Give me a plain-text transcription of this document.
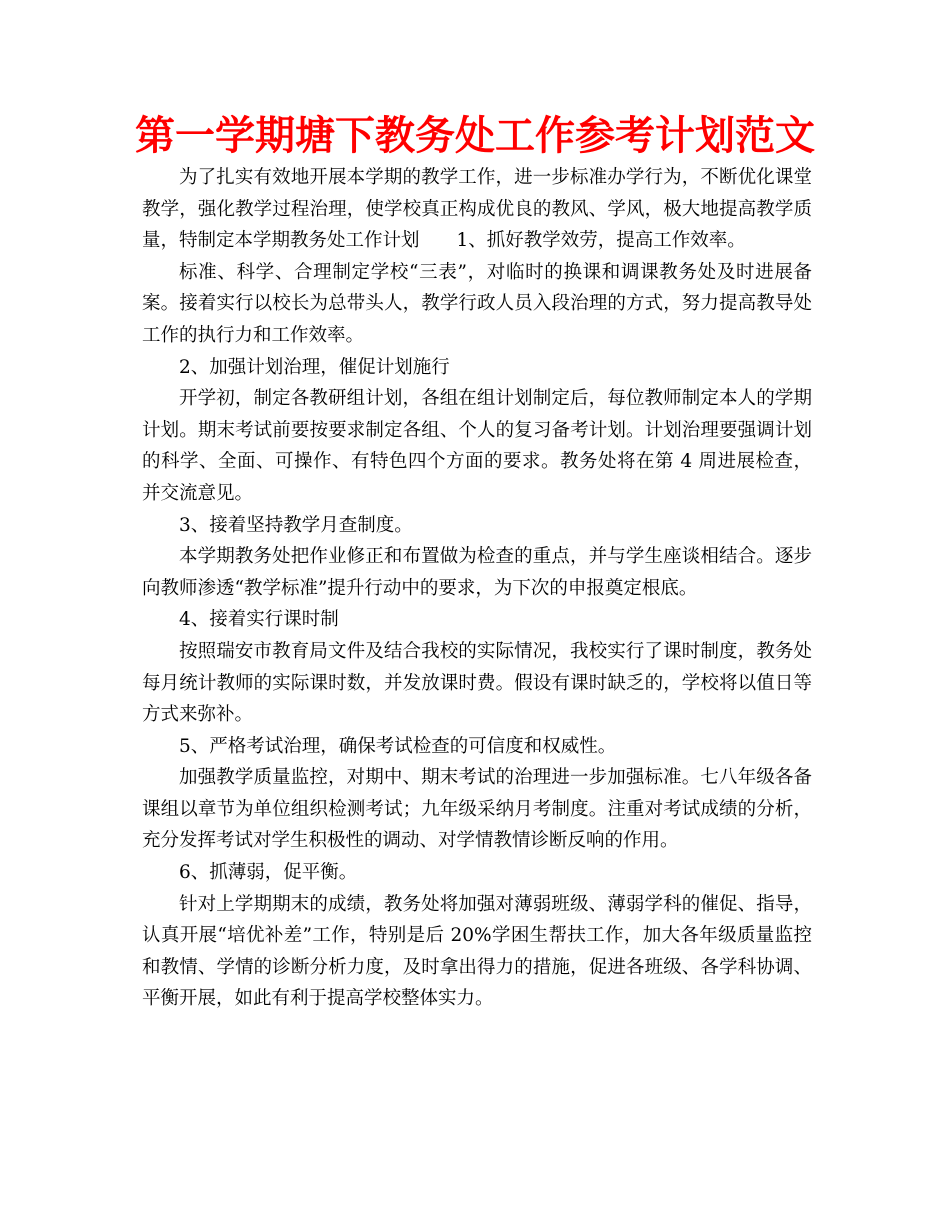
第一学期塘下教务处工作参考计划范文

为了扎实有效地开展本学期的教学工作，进一步标准办学行为，不断优化课堂教学，强化教学过程治理，使学校真正构成优良的教风、学风，极大地提高教学质量，特制定本学期教务处工作计划　　1、抓好教学效劳，提高工作效率。

标准、科学、合理制定学校“三表”，对临时的换课和调课教务处及时进展备案。接着实行以校长为总带头人，教学行政人员入段治理的方式，努力提高教导处工作的执行力和工作效率。

2、加强计划治理，催促计划施行

开学初，制定各教研组计划，各组在组计划制定后，每位教师制定本人的学期计划。期末考试前要按要求制定各组、个人的复习备考计划。计划治理要强调计划的科学、全面、可操作、有特色四个方面的要求。教务处将在第 4 周进展检查，并交流意见。

3、接着坚持教学月查制度。

本学期教务处把作业修正和布置做为检查的重点，并与学生座谈相结合。逐步向教师渗透“教学标准”提升行动中的要求，为下次的申报奠定根底。

4、接着实行课时制

按照瑞安市教育局文件及结合我校的实际情况，我校实行了课时制度，教务处每月统计教师的实际课时数，并发放课时费。假设有课时缺乏的，学校将以值日等方式来弥补。

5、严格考试治理，确保考试检查的可信度和权威性。

加强教学质量监控，对期中、期末考试的治理进一步加强标准。七八年级各备课组以章节为单位组织检测考试；九年级采纳月考制度。注重对考试成绩的分析，充分发挥考试对学生积极性的调动、对学情教情诊断反响的作用。

6、抓薄弱，促平衡。

针对上学期期末的成绩，教务处将加强对薄弱班级、薄弱学科的催促、指导，认真开展“培优补差”工作，特别是后 20%学困生帮扶工作，加大各年级质量监控和教情、学情的诊断分析力度，及时拿出得力的措施，促进各班级、各学科协调、平衡开展，如此有利于提高学校整体实力。
